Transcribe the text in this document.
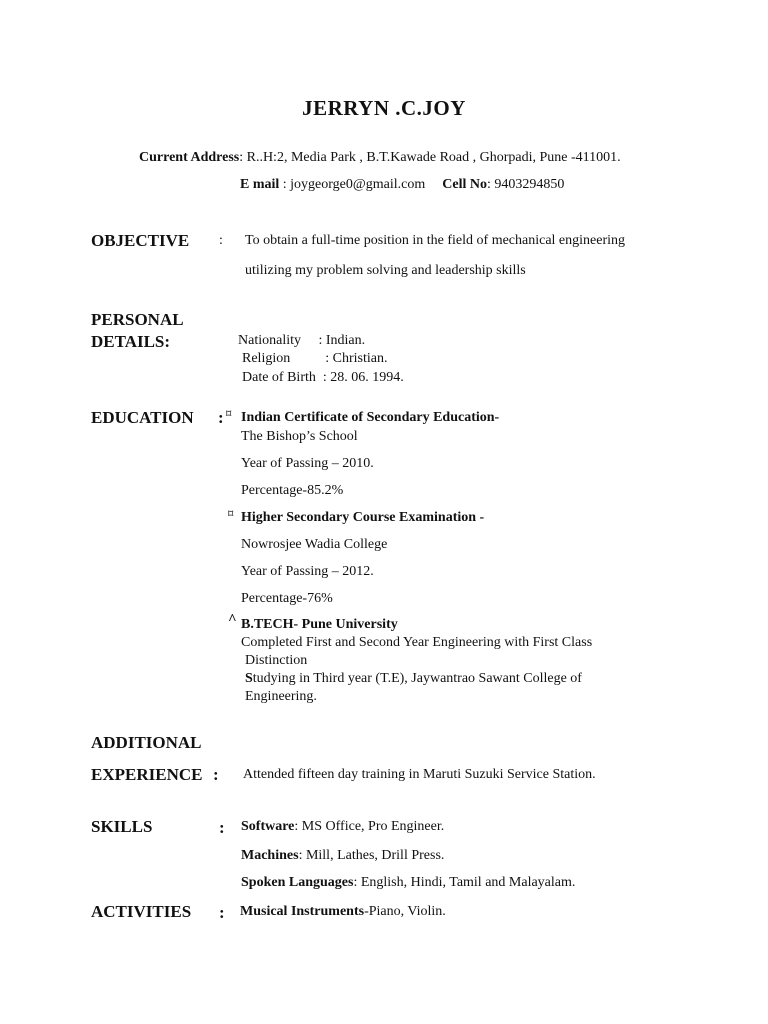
JERRYN .C.JOY
Current Address: R..H:2, Media Park , B.T.Kawade Road , Ghorpadi, Pune -411001.
E mail : joygeorge0@gmail.com Cell No: 9403294850
OBJECTIVE : To obtain a full-time position in the field of mechanical engineering
utilizing my problem solving and leadership skills
PERSONAL
DETAILS:	Nationality     : Indian.
Religion          : Christian.
Date of Birth  : 28. 06. 1994.
EDUCATION : ⌑ Indian Certificate of Secondary Education-
The Bishop’s School
Year of Passing – 2010.
Percentage-85.2%
⌑ Higher Secondary Course Examination -
Nowrosjee Wadia College
Year of Passing – 2012.
Percentage-76%
^ B.TECH- Pune University
Completed First and Second Year Engineering with First Class
Distinction
Studying in Third year (T.E), Jaywantrao Sawant College of
Engineering.
ADDITIONAL
EXPERIENCE : Attended fifteen day training in Maruti Suzuki Service Station.
SKILLS	: Software: MS Office, Pro Engineer.
Machines: Mill, Lathes, Drill Press.
Spoken Languages: English, Hindi, Tamil and Malayalam.
ACTIVITIES : Musical Instruments-Piano, Violin.
